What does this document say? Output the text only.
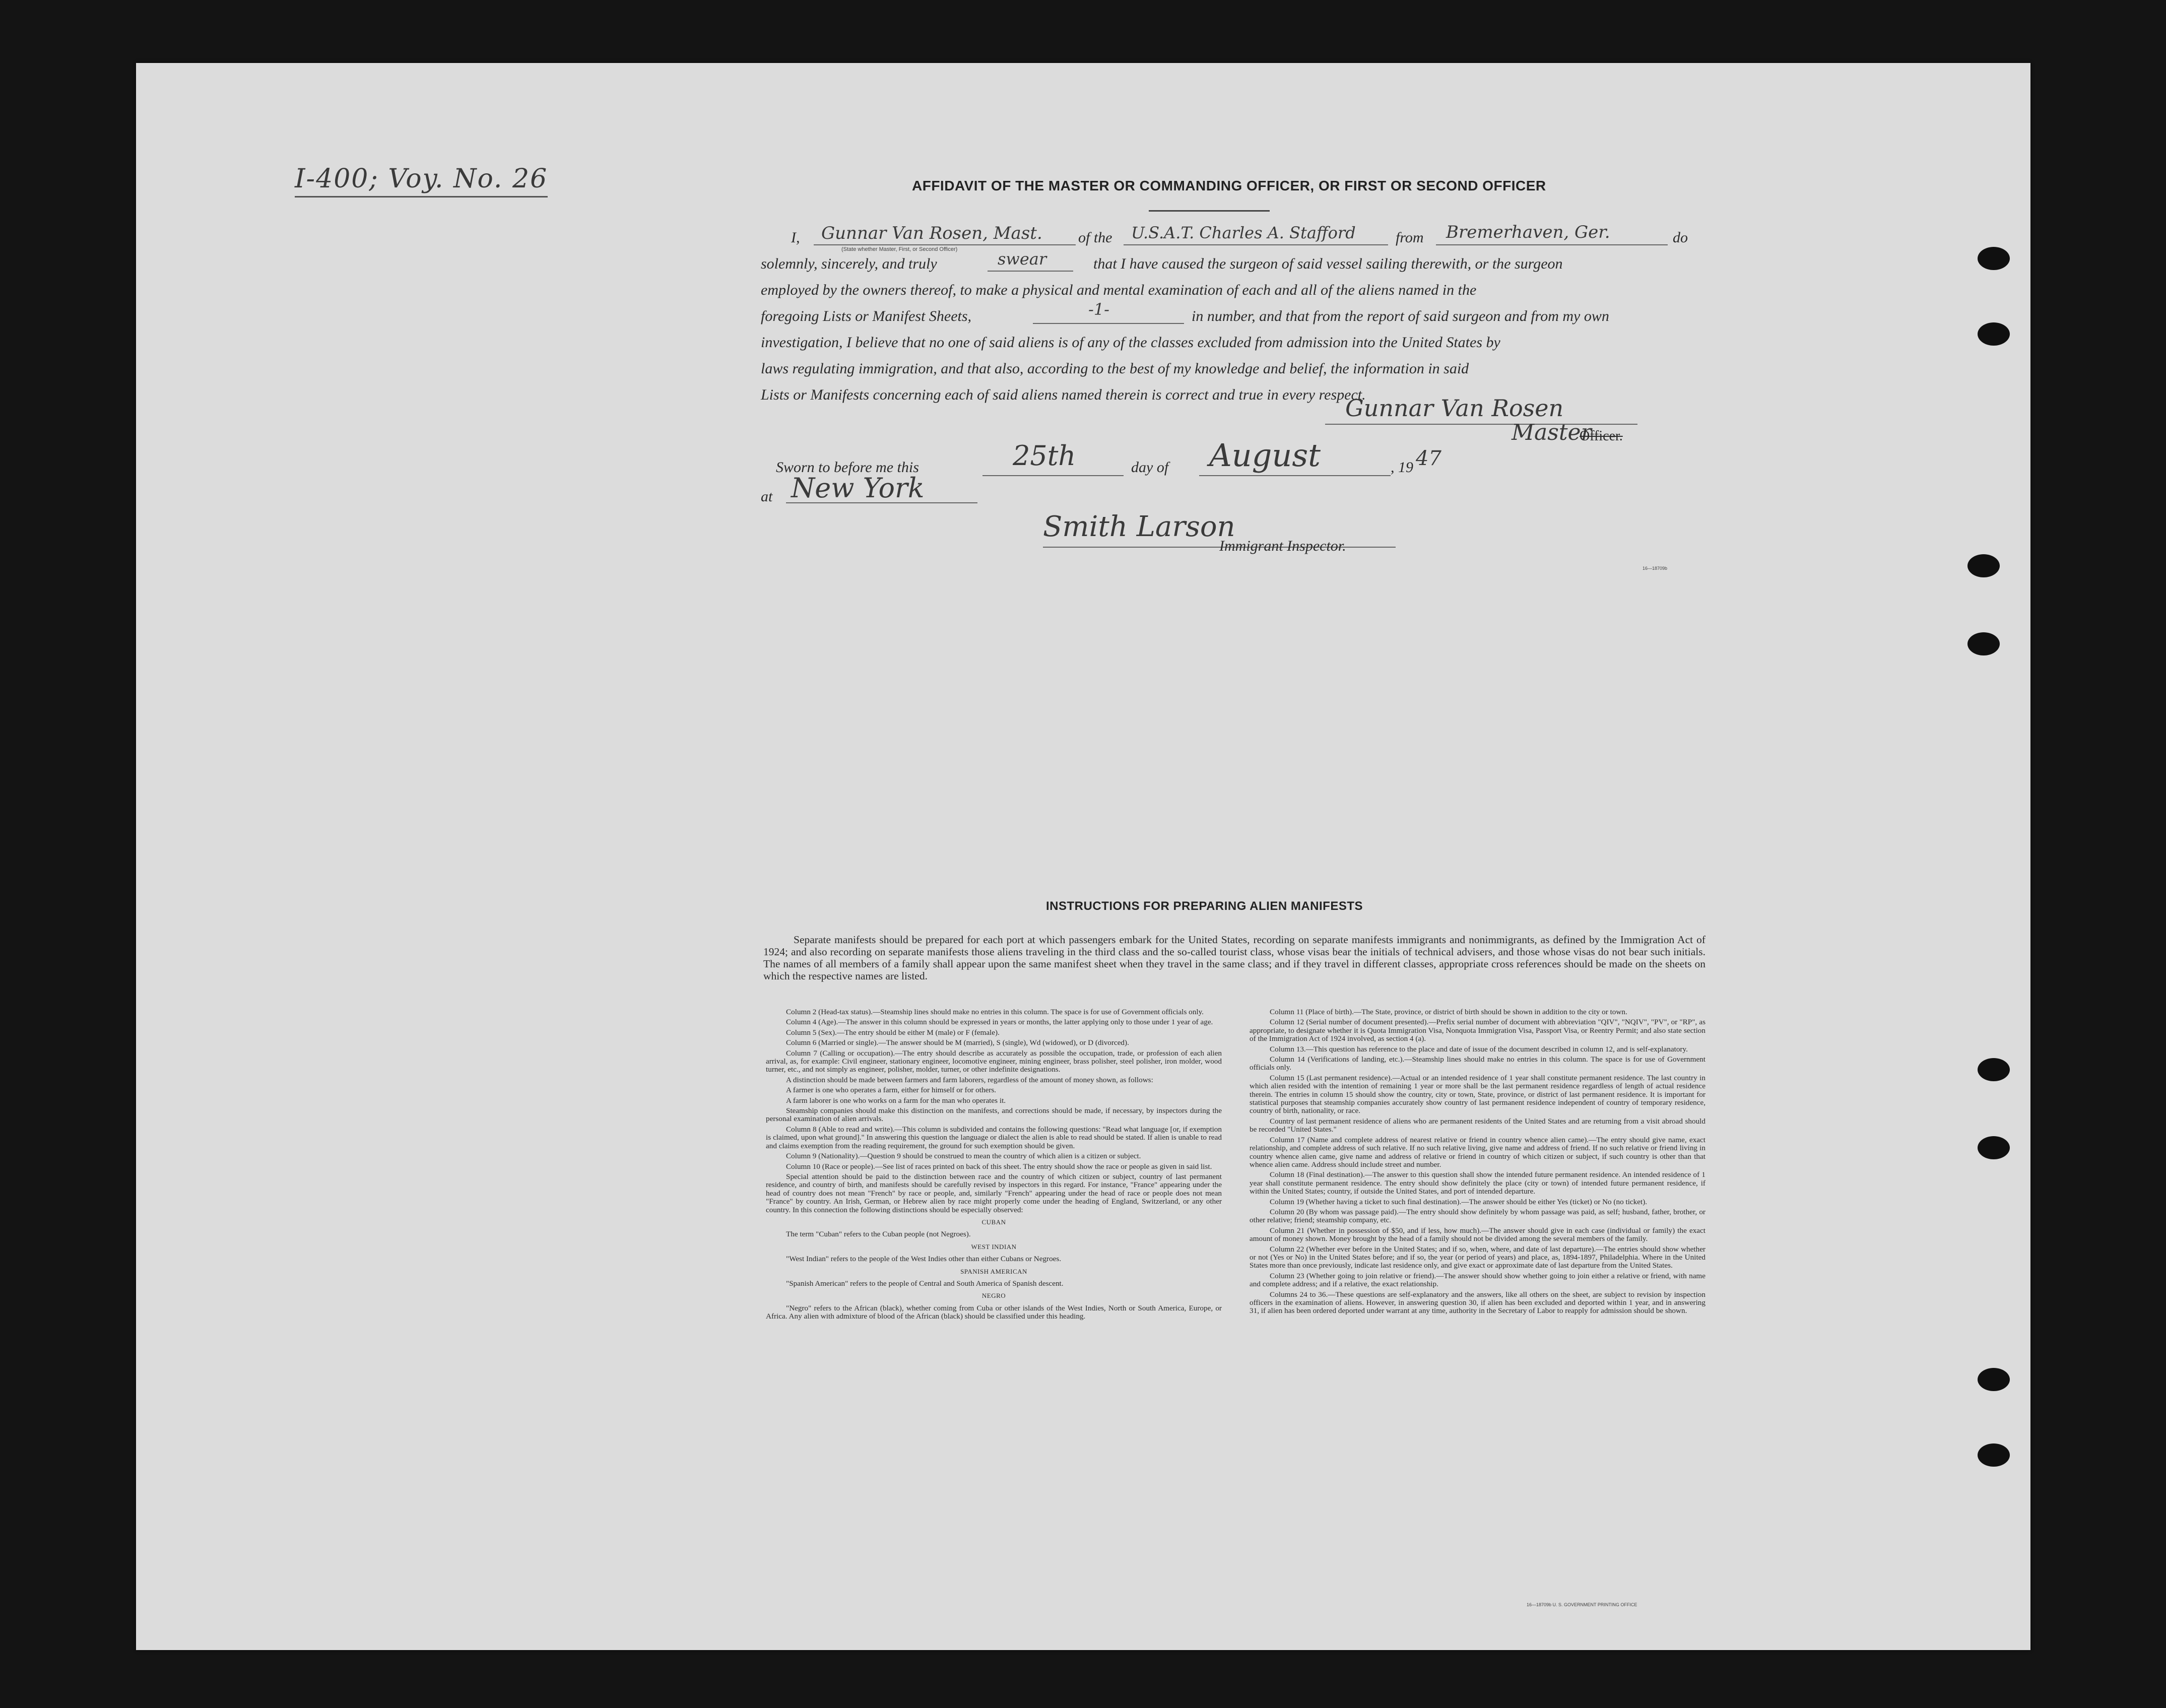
I-400; Voy. No. 26	AFFIDAVIT OF THE MASTER OR COMMANDING OFFICER, OR FIRST OR SECOND OFFICER
I, Gunnar Van Rosen, Mast.
(State whether Master, First, or Second Officer)
of the U.S.A.T. Charles A. Stafford	from Bremerhaven, Ger.	do
solemnly, sincerely, and truly	swear	that I have caused the surgeon of said vessel sailing therewith, or the surgeon
employed by the owners thereof, to make a physical and mental examination of each and all of the aliens named in the
foregoing Lists or Manifest Sheets,	-1-	in number, and that from the report of said surgeon and from my own
investigation, I believe that no one of said aliens is of any of the classes excluded from admission into the United States by
laws regulating immigration, and that also, according to the best of my knowledge and belief, the information in said
Lists or Manifests concerning each of said aliens named therein is correct and true in every respect.
Gunnar Van Rosen
Master
Officer.
Sworn to before me this	25th	day of August	, 19 47
at New York
Smith Larson
Immigrant Inspector.
16—18709b
INSTRUCTIONS FOR PREPARING ALIEN MANIFESTS
Separate manifests should be prepared for each port at which passengers embark for the United States, recording on separate manifests immigrants and nonimmigrants, as defined by the Immigration Act of 1924; and also recording on separate manifests those aliens traveling in the third class and the so-called tourist class, whose visas bear the initials of technical advisers, and those whose visas do not bear such initials. The names of all members of a family shall appear upon the same manifest sheet when they travel in the same class; and if they travel in different classes, appropriate cross references should be made on the sheets on which the respective names are listed.

Column 2 (Head-tax status).—Steamship lines should make no entries in this column. The space is for use of Government officials only.

Column 4 (Age).—The answer in this column should be expressed in years or months, the latter applying only to those under 1 year of age.

Column 5 (Sex).—The entry should be either M (male) or F (female).

Column 6 (Married or single).—The answer should be M (married), S (single), Wd (widowed), or D (divorced).

Column 7 (Calling or occupation).—The entry should describe as accurately as possible the occupation, trade, or profession of each alien arrival, as, for example: Civil engineer, stationary engineer, locomotive engineer, mining engineer, brass polisher, steel polisher, iron molder, wood turner, etc., and not simply as engineer, polisher, molder, turner, or other indefinite designations.

A distinction should be made between farmers and farm laborers, regardless of the amount of money shown, as follows:

A farmer is one who operates a farm, either for himself or for others.

A farm laborer is one who works on a farm for the man who operates it.

Steamship companies should make this distinction on the manifests, and corrections should be made, if necessary, by inspectors during the personal examination of alien arrivals.

Column 8 (Able to read and write).—This column is subdivided and contains the following questions: "Read what language [or, if exemption is claimed, upon what ground]." In answering this question the language or dialect the alien is able to read should be stated. If alien is unable to read and claims exemption from the reading requirement, the ground for such exemption should be given.

Column 9 (Nationality).—Question 9 should be construed to mean the country of which alien is a citizen or subject.

Column 10 (Race or people).—See list of races printed on back of this sheet. The entry should show the race or people as given in said list.

Special attention should be paid to the distinction between race and the country of which citizen or subject, country of last permanent residence, and country of birth, and manifests should be carefully revised by inspectors in this regard. For instance, "France" appearing under the head of country does not mean "French" by race or people, and, similarly "French" appearing under the head of race or people does not mean "France" by country. An Irish, German, or Hebrew alien by race might properly come under the heading of England, Switzerland, or any other country. In this connection the following distinctions should be especially observed:

CUBAN

The term "Cuban" refers to the Cuban people (not Negroes).

WEST INDIAN

"West Indian" refers to the people of the West Indies other than either Cubans or Negroes.

SPANISH AMERICAN

"Spanish American" refers to the people of Central and South America of Spanish descent.

NEGRO

"Negro" refers to the African (black), whether coming from Cuba or other islands of the West Indies, North or South America, Europe, or Africa. Any alien with admixture of blood of the African (black) should be classified under this heading.

Column 11 (Place of birth).—The State, province, or district of birth should be shown in addition to the city or town.

Column 12 (Serial number of document presented).—Prefix serial number of document with abbreviation "QIV", "NQIV", "PV", or "RP", as appropriate, to designate whether it is Quota Immigration Visa, Nonquota Immigration Visa, Passport Visa, or Reentry Permit; and also state section of the Immigration Act of 1924 involved, as section 4 (a).

Column 13.—This question has reference to the place and date of issue of the document described in column 12, and is self-explanatory.

Column 14 (Verifications of landing, etc.).—Steamship lines should make no entries in this column. The space is for use of Government officials only.

Column 15 (Last permanent residence).—Actual or an intended residence of 1 year shall constitute permanent residence. The last country in which alien resided with the intention of remaining 1 year or more shall be the last permanent residence regardless of length of actual residence therein. The entries in column 15 should show the country, city or town, State, province, or district of last permanent residence. It is important for statistical purposes that steamship companies accurately show country of last permanent residence independent of country of temporary residence, country of birth, nationality, or race.

Country of last permanent residence of aliens who are permanent residents of the United States and are returning from a visit abroad should be recorded "United States."

Column 17 (Name and complete address of nearest relative or friend in country whence alien came).—The entry should give name, exact relationship, and complete address of such relative. If no such relative living, give name and address of friend. If no such relative or friend living in country whence alien came, give name and address of relative or friend in country of which citizen or subject, if such country is other than that whence alien came. Address should include street and number.

Column 18 (Final destination).—The answer to this question shall show the intended future permanent residence. An intended residence of 1 year shall constitute permanent residence. The entry should show definitely the place (city or town) of intended future permanent residence, if within the United States; country, if outside the United States, and port of intended departure.

Column 19 (Whether having a ticket to such final destination).—The answer should be either Yes (ticket) or No (no ticket).

Column 20 (By whom was passage paid).—The entry should show definitely by whom passage was paid, as self; husband, father, brother, or other relative; friend; steamship company, etc.

Column 21 (Whether in possession of $50, and if less, how much).—The answer should give in each case (individual or family) the exact amount of money shown. Money brought by the head of a family should not be divided among the several members of the family.

Column 22 (Whether ever before in the United States; and if so, when, where, and date of last departure).—The entries should show whether or not (Yes or No) in the United States before; and if so, the year (or period of years) and place, as, 1894-1897, Philadelphia. Where in the United States more than once previously, indicate last residence only, and give exact or approximate date of last departure from the United States.

Column 23 (Whether going to join relative or friend).—The answer should show whether going to join either a relative or friend, with name and complete address; and if a relative, the exact relationship.

Columns 24 to 36.—These questions are self-explanatory and the answers, like all others on the sheet, are subject to revision by inspection officers in the examination of aliens. However, in answering question 30, if alien has been excluded and deported within 1 year, and in answering 31, if alien has been ordered deported under warrant at any time, authority in the Secretary of Labor to reapply for admission should be shown.

16—18709b U. S. GOVERNMENT PRINTING OFFICE
